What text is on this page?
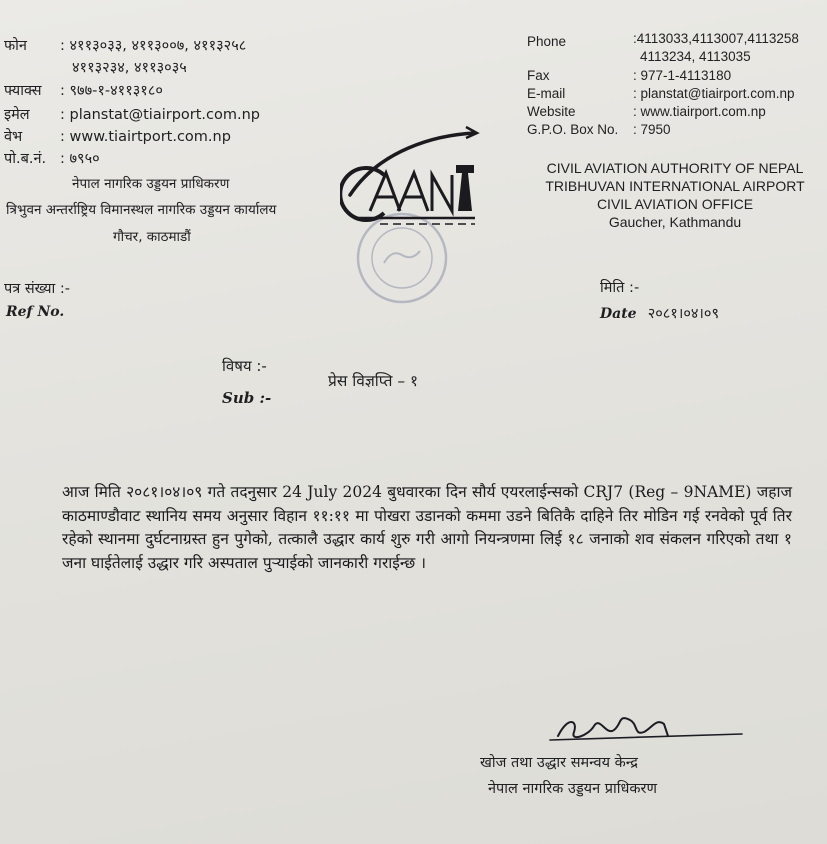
फोन : ४११३०३३, ४११३००७, ४११३२५८
४११३२३४, ४११३०३५
फ्याक्स : ९७७-१-४११३१८०
इमेल : planstat@tiairport.com.np
वेभ	: www.tiairtport.com.np
पो.ब.नं. : ७९५०
नेपाल नागरिक उड्डयन प्राधिकरण
त्रिभुवन अन्तर्राष्ट्रिय विमानस्थल नागरिक उड्डयन कार्यालय
गौचर, काठमाडौं
Phone	:4113033,4113007,4113258
4113234, 4113035
Fax	: 977-1-4113180
E-mail	: planstat@tiairport.com.np
Website	: www.tiairport.com.np
G.P.O. Box No. : 7950
CIVIL AVIATION AUTHORITY OF NEPAL
TRIBHUVAN INTERNATIONAL AIRPORT
CIVIL AVIATION OFFICE
Gaucher, Kathmandu
पत्र संख्या :-
Ref No.
मिति :-
Date २०८१।०४।०९
विषय :-
Sub :-
प्रेस विज्ञप्ति – १
आज मिति २०८१।०४।०९ गते तदनुसार 24 July 2024 बुधवारका दिन सौर्य एयरलाईन्सको CRJ7 (Reg – 9NAME) जहाज काठमाण्डौवाट स्थानिय समय अनुसार विहान ११:११ मा पोखरा उडानको कममा उडने बितिकै दाहिने तिर मोडिन गई रनवेको पूर्व तिर रहेको स्थानमा दुर्घटनाग्रस्त हुन पुगेको, तत्कालै उद्धार कार्य शुरु गरी आगो नियन्त्रणमा लिई १८ जनाको शव संकलन गरिएको तथा १ जना घाईतेलाई उद्धार गरि अस्पताल पुऱ्याईको जानकारी गराईन्छ ।
खोज तथा उद्धार समन्वय केन्द्र
नेपाल नागरिक उड्डयन प्राधिकरण
